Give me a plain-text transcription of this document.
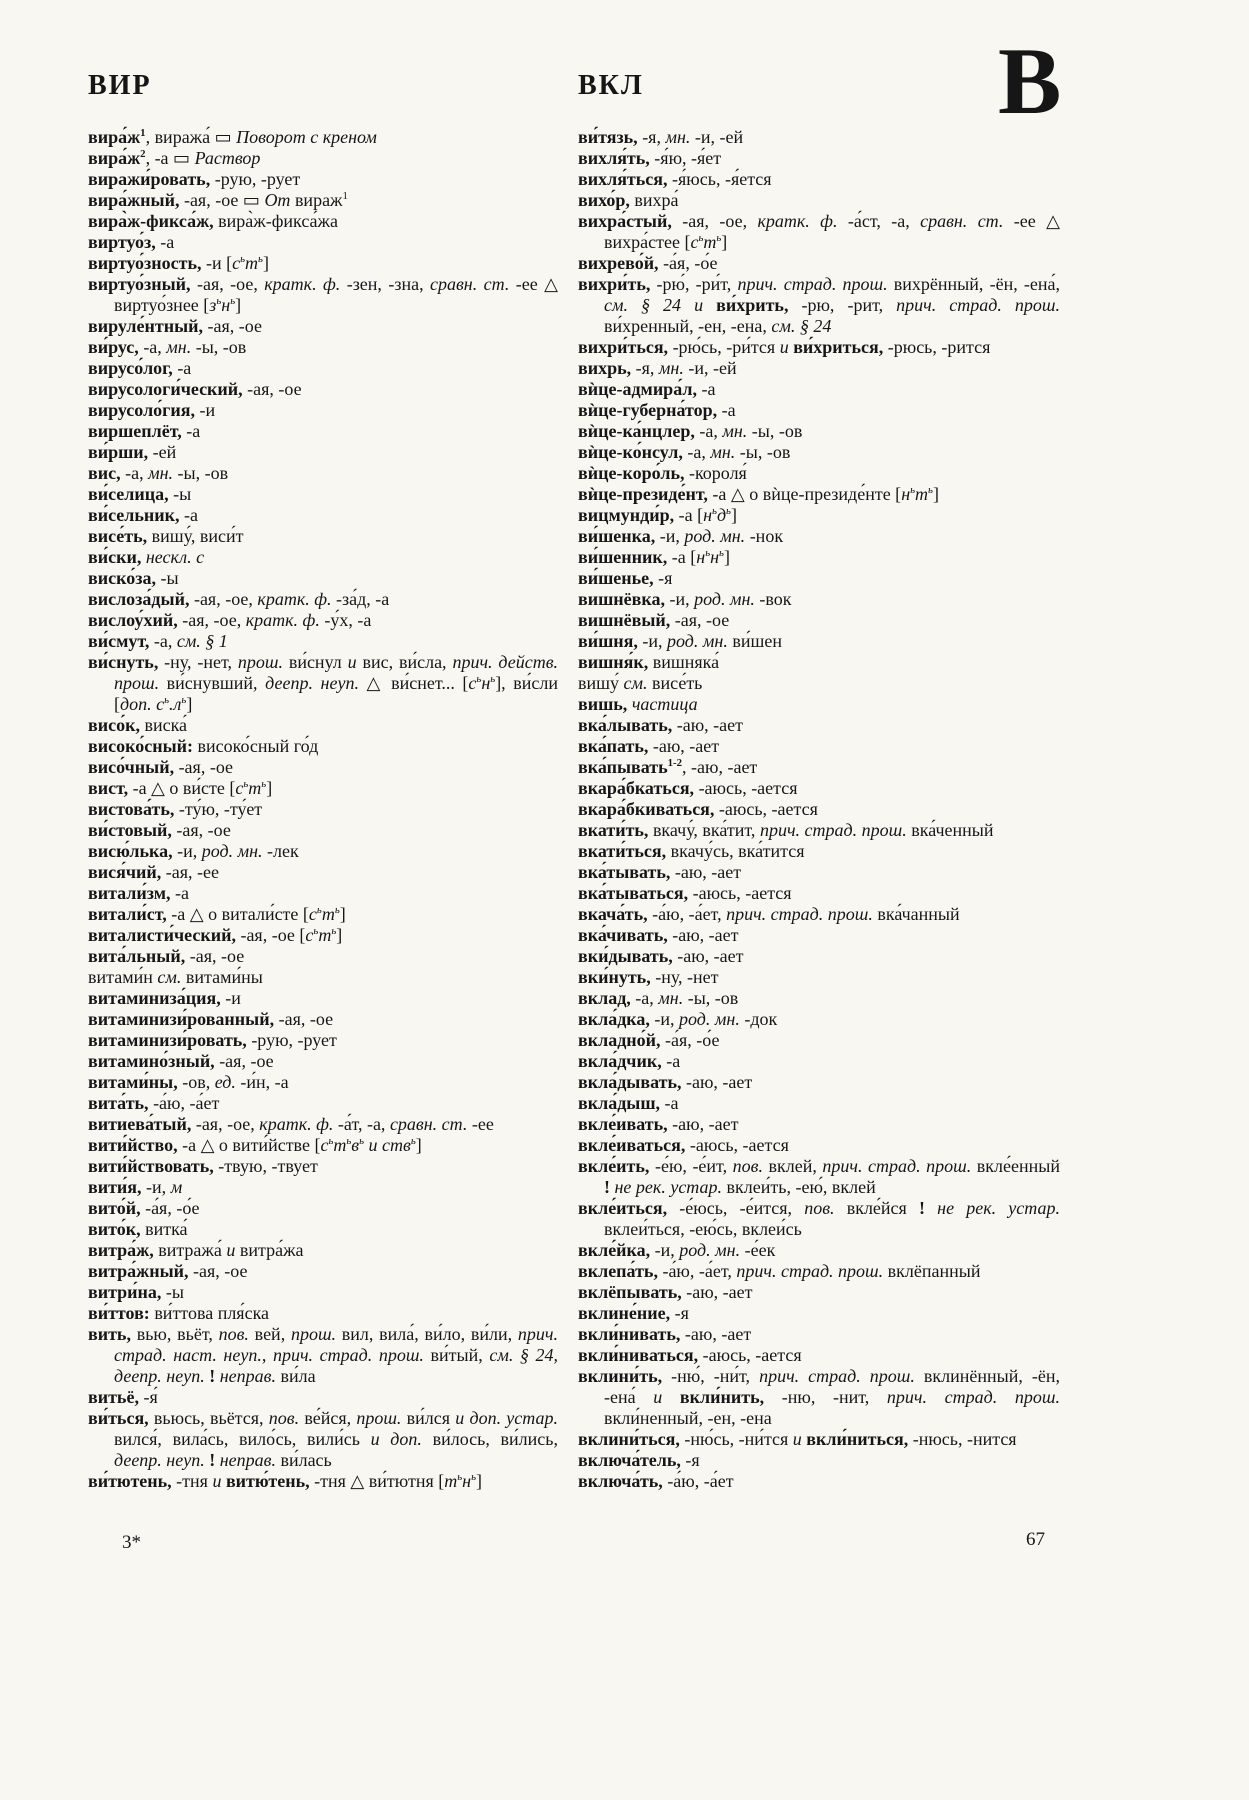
ВИР	ВКЛ	В

$вира́ж^1$, виража́ ▭ Поворот с креном

$вира́ж^2$, -а ▭ Раствор

виражи́ровать, -рую, -рует

вира́жный, -ая, -ое ▭ От вираж$^1$

вира̀ж-фикса́ж, вира̀ж-фикса́жа

виртуо́з, -а

виртуо́зность, -и $[с^ьт^ь]$

виртуо́зный, -ая, -ое, кратк. ф. -зен, -зна, сравн. ст. -ее △ виртуо́знее $[з^ьн^ь]$

вируле́нтный, -ая, -ое

ви́рус, -а, мн. -ы, -ов

вирусо́лог, -а

вирусологи́ческий, -ая, -ое

вирусоло́гия, -и

виршеплёт, -а

ви́рши, -ей

вис, -а, мн. -ы, -ов

ви́селица, -ы

ви́сельник, -а

висе́ть, вишу́, виси́т

ви́ски, нескл. с

виско́за, -ы

вислоза́дый, -ая, -ое, кратк. ф. -за́д, -а

вислоу́хий, -ая, -ое, кратк. ф. -у́х, -а

ви́смут, -а, см. § 1

ви́снуть, -ну, -нет, прош. ви́снул и вис, ви́сла, прич. действ. прош. ви́снувший, деепр. неуп. △ ви́снет... $[с^ьн^ь]$, ви́сли [доп. $с^ь.л^ь$]

висо́к, виска́

високо́сный: високо́сный го́д

висо́чный, -ая, -ое

вист, -а △ о ви́сте $[с^ьт^ь]$

вистова́ть, -ту́ю, -ту́ет

ви́стовый, -ая, -ое

висю́лька, -и, род. мн. -лек

вися́чий, -ая, -ее

витали́зм, -а

витали́ст, -а △ о витали́сте $[с^ьт^ь]$

виталисти́ческий, -ая, -ое $[с^ьт^ь]$

вита́льный, -ая, -ое

витами́н см. витами́ны

витаминиза́ция, -и

витаминизи́рованный, -ая, -ое

витаминизи́ровать, -рую, -рует

витамино́зный, -ая, -ое

витами́ны, -ов, ед. -и́н, -а

вита́ть, -а́ю, -а́ет

витиева́тый, -ая, -ое, кратк. ф. -а́т, -а, сравн. ст. -ее

вити́йство, -а △ о вити́йстве [$с^ьт^ьв^ь$ и ств$^ь$]

вити́йствовать, -твую, -твует

вити́я, -и, м

вито́й, -а́я, -о́е

вито́к, витка́

витра́ж, витража́ и витра́жа

витра́жный, -ая, -ое

витри́на, -ы

ви́ттов: ви́ттова пля́ска

вить, вью, вьёт, пов. вей, прош. вил, вила́, ви́ло, ви́ли, прич. страд. наст. неуп., прич. страд. прош. ви́тый, см. § 24, деепр. неуп. ! неправ. ви́ла

витьё, -я́

ви́ться, вьюсь, вьётся, пов. ве́йся, прош. ви́лся и доп. устар. вился́, вила́сь, вило́сь, вили́сь и доп. ви́лось, ви́лись, деепр. неуп. ! неправ. ви́лась

ви́тютень, -тня и витю́тень, -тня △ ви́тютня $[т^ьн^ь]$

ви́тязь, -я, мн. -и, -ей

вихля́ть, -я́ю, -я́ет

вихля́ться, -я́юсь, -я́ется

вихо́р, вихра́

вихра́стый, -ая, -ое, кратк. ф. -а́ст, -а, сравн. ст. -ее △ вихра́стее $[с^ьт^ь]$

вихрево́й, -а́я, -о́е

вихри́ть, -рю́, -ри́т, прич. страд. прош. вихрённый, -ён, -ена́, см. § 24 и ви́хрить, -рю, -рит, прич. страд. прош. ви́хренный, -ен, -ена, см. § 24

вихри́ться, -рю́сь, -ри́тся и ви́хриться, -рюсь, -рится

вихрь, -я, мн. -и, -ей

вѝце-адмира́л, -а

вѝце-губерна́тор, -а

вѝце-ка́нцлер, -а, мн. -ы, -ов

вѝце-ко́нсул, -а, мн. -ы, -ов

вѝце-коро́ль, -короля́

вѝце-президе́нт, -а △ о вѝце-президе́нте $[н^ьт^ь]$

вицмунди́р, -а $[н^ьд^ь]$

ви́шенка, -и, род. мн. -нок

ви́шенник, -а $[н^ьн^ь]$

ви́шенье, -я

вишнёвка, -и, род. мн. -вок

вишнёвый, -ая, -ое

ви́шня, -и, род. мн. ви́шен

вишня́к, вишняка́

вишу́ см. висе́ть

вишь, частица

вка́лывать, -аю, -ает

вка́пать, -аю, -ает

вка́пывать$^{1-2}$, -аю, -ает

вкара́бкаться, -аюсь, -ается

вкара́бкиваться, -аюсь, -ается

вкати́ть, вкачу́, вка́тит, прич. страд. прош. вка́ченный

вкати́ться, вкачу́сь, вка́тится

вка́тывать, -аю, -ает

вка́тываться, -аюсь, -ается

вкача́ть, -а́ю, -а́ет, прич. страд. прош. вка́чанный

вка́чивать, -аю, -ает

вки́дывать, -аю, -ает

вки́нуть, -ну, -нет

вклад, -а, мн. -ы, -ов

вкла́дка, -и, род. мн. -док

вкладно́й, -а́я, -о́е

вкла́дчик, -а

вкла́дывать, -аю, -ает

вкла́дыш, -а

вкле́ивать, -аю, -ает

вкле́иваться, -аюсь, -ается

вкле́ить, -е́ю, -е́ит, пов. вклей, прич. страд. прош. вкле́енный ! не рек. устар. вклеи́ть, -ею́, вклей

вкле́иться, -е́юсь, -е́ится, пов. вкле́йся ! не рек. устар. вклеи́ться, -ею́сь, вклеи́сь

вкле́йка, -и, род. мн. -е́ек

вклепа́ть, -а́ю, -а́ет, прич. страд. прош. вклёпанный

вклёпывать, -аю, -ает

вклине́ние, -я

вкли́нивать, -аю, -ает

вкли́ниваться, -аюсь, -ается

вклини́ть, -ню́, -ни́т, прич. страд. прош. вклинённый, -ён, -ена́ и вкли́нить, -ню, -нит, прич. страд. прош. вкли́ненный, -ен, -ена

вклини́ться, -ню́сь, -ни́тся и вкли́ниться, -нюсь, -нится

включа́тель, -я

включа́ть, -а́ю, -а́ет

3*	67
